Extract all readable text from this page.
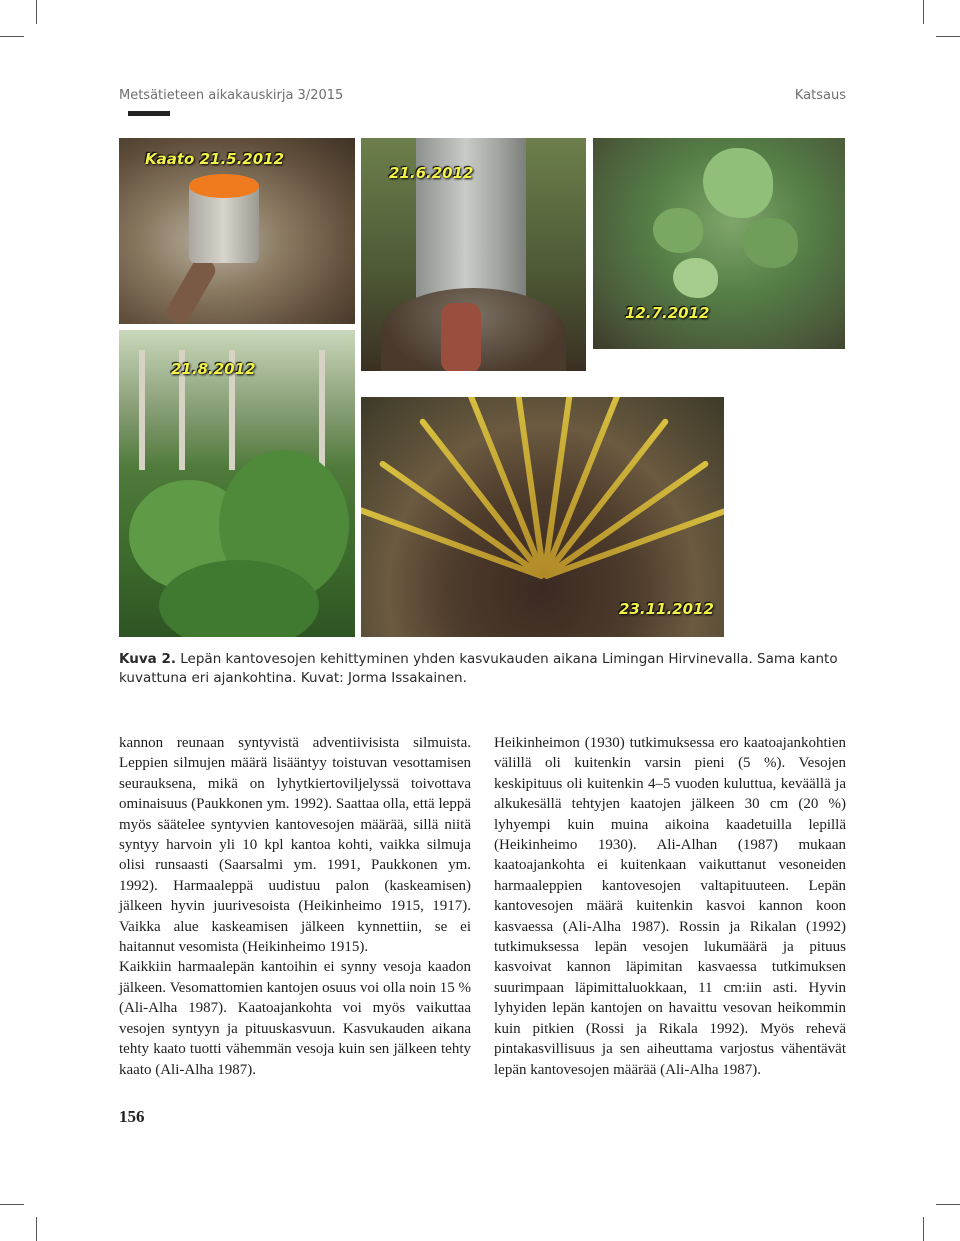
Metsätieteen aikakauskirja 3/2015	Katsaus
Kaato 21.5.2012
21.6.2012
12.7.2012
21.8.2012
23.11.2012
Kuva 2. Lepän kantovesojen kehittyminen yhden kasvukauden aikana Limingan Hirvinevalla. Sama kanto kuvattuna eri ajankohtina. Kuvat: Jorma Issakainen.

kannon reunaan syntyvistä adventiivisista silmuista. Leppien silmujen määrä lisääntyy toistuvan vesottamisen seurauksena, mikä on lyhytkiertoviljelyssä toivottava ominaisuus (Paukkonen ym. 1992). Saattaa olla, että leppä myös säätelee syntyvien kantovesojen määrää, sillä niitä syntyy harvoin yli 10 kpl kantoa kohti, vaikka silmuja olisi runsaasti (Saarsalmi ym. 1991, Paukkonen ym. 1992). Harmaaleppä uudistuu palon (kaskeamisen) jälkeen hyvin juurivesoista (Heikinheimo 1915, 1917). Vaikka alue kaskeamisen jälkeen kynnettiin, se ei haitannut vesomista (Heikinheimo 1915).

Kaikkiin harmaalepän kantoihin ei synny vesoja kaadon jälkeen. Vesomattomien kantojen osuus voi olla noin 15 % (Ali-Alha 1987). Kaatoajankohta voi myös vaikuttaa vesojen syntyyn ja pituuskasvuun. Kasvukauden aikana tehty kaato tuotti vähemmän vesoja kuin sen jälkeen tehty kaato (Ali-Alha 1987).

Heikinheimon (1930) tutkimuksessa ero kaatoajankohtien välillä oli kuitenkin varsin pieni (5 %). Vesojen keskipituus oli kuitenkin 4–5 vuoden kuluttua, keväällä ja alkukesällä tehtyjen kaatojen jälkeen 30 cm (20 %) lyhyempi kuin muina aikoina kaadetuilla lepillä (Heikinheimo 1930). Ali-Alhan (1987) mukaan kaatoajankohta ei kuitenkaan vaikuttanut vesoneiden harmaaleppien kantovesojen valtapituuteen. Lepän kantovesojen määrä kuitenkin kasvoi kannon koon kasvaessa (Ali-Alha 1987). Rossin ja Rikalan (1992) tutkimuksessa lepän vesojen lukumäärä ja pituus kasvoivat kannon läpimitan kasvaessa tutkimuksen suurimpaan läpimittaluokkaan, 11 cm:iin asti. Hyvin lyhyiden lepän kantojen on havaittu vesovan heikommin kuin pitkien (Rossi ja Rikala 1992). Myös rehevä pintakasvillisuus ja sen aiheuttama varjostus vähentävät lepän kantovesojen määrää (Ali-Alha 1987).

156
